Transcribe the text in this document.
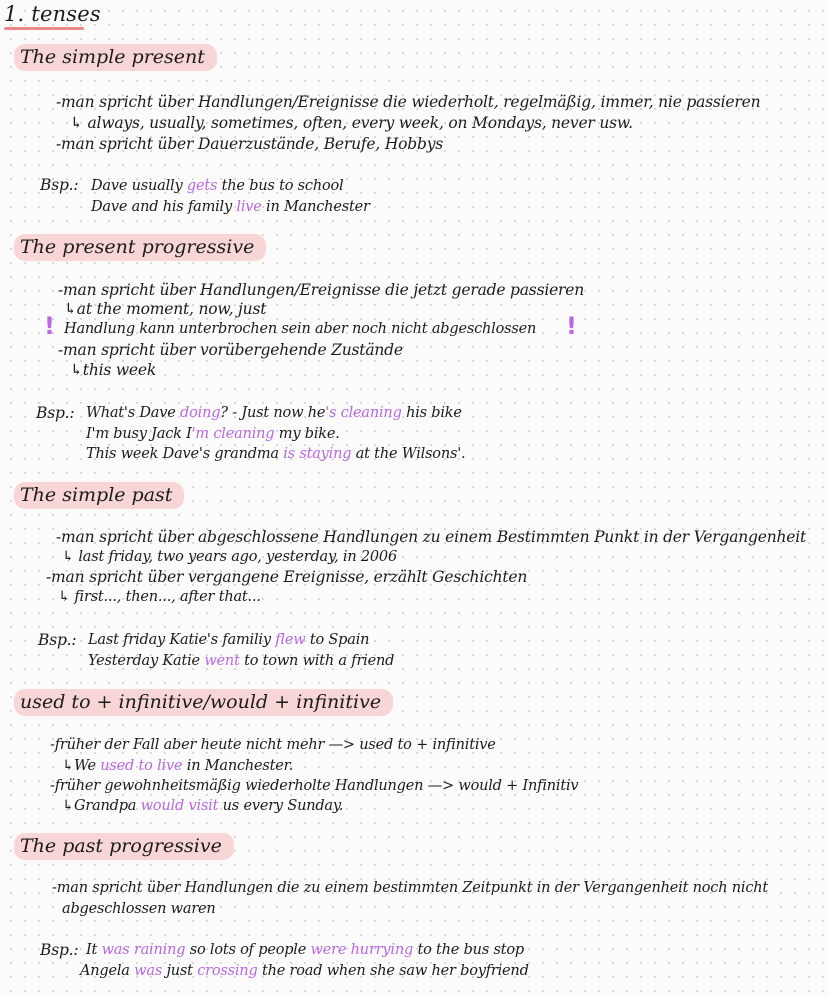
1. tenses
The simple present
-man spricht über Handlungen/Ereignisse die wiederholt, regelmäßig, immer, nie passieren
↳ always, usually, sometimes, often, every week, on Mondays, never usw.
-man spricht über Dauerzustände, Berufe, Hobbys
Bsp.: Dave usually gets the bus to school
Dave and his family live in Manchester
The present progressive
-man spricht über Handlungen/Ereignisse die jetzt gerade passieren
↳at the moment, now, just
! Handlung kann unterbrochen sein aber noch nicht abgeschlossen !
-man spricht über vorübergehende Zustände
↳this week
Bsp.: What's Dave doing? - Just now he's cleaning his bike
I'm busy Jack I'm cleaning my bike.
This week Dave's grandma is staying at the Wilsons'.
The simple past
-man spricht über abgeschlossene Handlungen zu einem Bestimmten Punkt in der Vergangenheit
↳ last friday, two years ago, yesterday, in 2006
-man spricht über vergangene Ereignisse, erzählt Geschichten
↳ first..., then..., after that...
Bsp.: Last friday Katie's familiy flew to Spain
Yesterday Katie went to town with a friend
used to + infinitive/would + infinitive
-früher der Fall aber heute nicht mehr —> used to + infinitive
↳We used to live in Manchester.
-früher gewohnheitsmäßig wiederholte Handlungen —> would + Infinitiv
↳Grandpa would visit us every Sunday.
The past progressive
-man spricht über Handlungen die zu einem bestimmten Zeitpunkt in der Vergangenheit noch nicht
abgeschlossen waren
Bsp.: It was raining so lots of people were hurrying to the bus stop
Angela was just crossing the road when she saw her boyfriend
